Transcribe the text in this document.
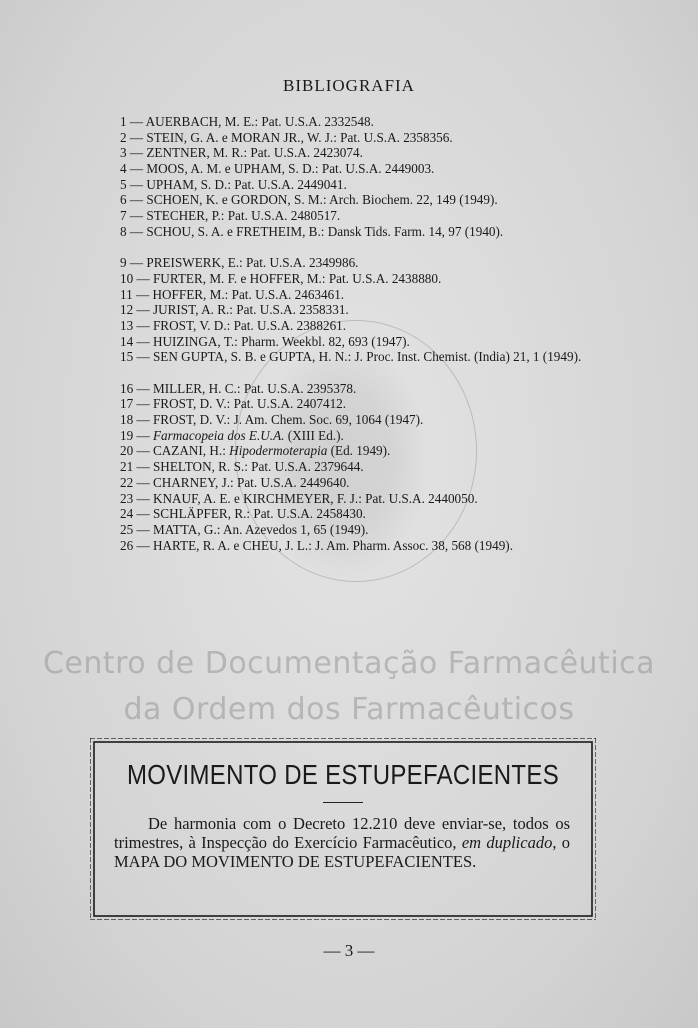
BIBLIOGRAFIA
1 — AUERBACH, M. E.: Pat. U.S.A. 2332548.
2 — STEIN, G. A. e MORAN JR., W. J.: Pat. U.S.A. 2358356.
3 — ZENTNER, M. R.: Pat. U.S.A. 2423074.
4 — MOOS, A. M. e UPHAM, S. D.: Pat. U.S.A. 2449003.
5 — UPHAM, S. D.: Pat. U.S.A. 2449041.
6 — SCHOEN, K. e GORDON, S. M.: Arch. Biochem. 22, 149 (1949).
7 — STECHER, P.: Pat. U.S.A. 2480517.
8 — SCHOU, S. A. e FRETHEIM, B.: Dansk Tids. Farm. 14, 97 (1940).
9 — PREISWERK, E.: Pat. U.S.A. 2349986.
10 — FURTER, M. F. e HOFFER, M.: Pat. U.S.A. 2438880.
11 — HOFFER, M.: Pat. U.S.A. 2463461.
12 — JURIST, A. R.: Pat. U.S.A. 2358331.
13 — FROST, V. D.: Pat. U.S.A. 2388261.
14 — HUIZINGA, T.: Pharm. Weekbl. 82, 693 (1947).
15 — SEN GUPTA, S. B. e GUPTA, H. N.: J. Proc. Inst. Chemist. (India) 21, 1 (1949).
16 — MILLER, H. C.: Pat. U.S.A. 2395378.
17 — FROST, D. V.: Pat. U.S.A. 2407412.
18 — FROST, D. V.: J. Am. Chem. Soc. 69, 1064 (1947).
19 — Farmacopeia dos E.U.A. (XIII Ed.).
20 — CAZANI, H.: Hipodermoterapia (Ed. 1949).
21 — SHELTON, R. S.: Pat. U.S.A. 2379644.
22 — CHARNEY, J.: Pat. U.S.A. 2449640.
23 — KNAUF, A. E. e KIRCHMEYER, F. J.: Pat. U.S.A. 2440050.
24 — SCHLÄPFER, R.: Pat. U.S.A. 2458430.
25 — MATTA, G.: An. Azevedos 1, 65 (1949).
26 — HARTE, R. A. e CHEU, J. L.: J. Am. Pharm. Assoc. 38, 568 (1949).
Centro de Documentação Farmacêutica
da Ordem dos Farmacêuticos
MOVIMENTO DE ESTUPEFACIENTES
De harmonia com o Decreto 12.210 deve enviar-se, todos os trimestres, à Inspecção do Exercício Farmacêutico, em duplicado, o MAPA DO MOVIMENTO DE ESTUPEFACIENTES.
— 3 —
